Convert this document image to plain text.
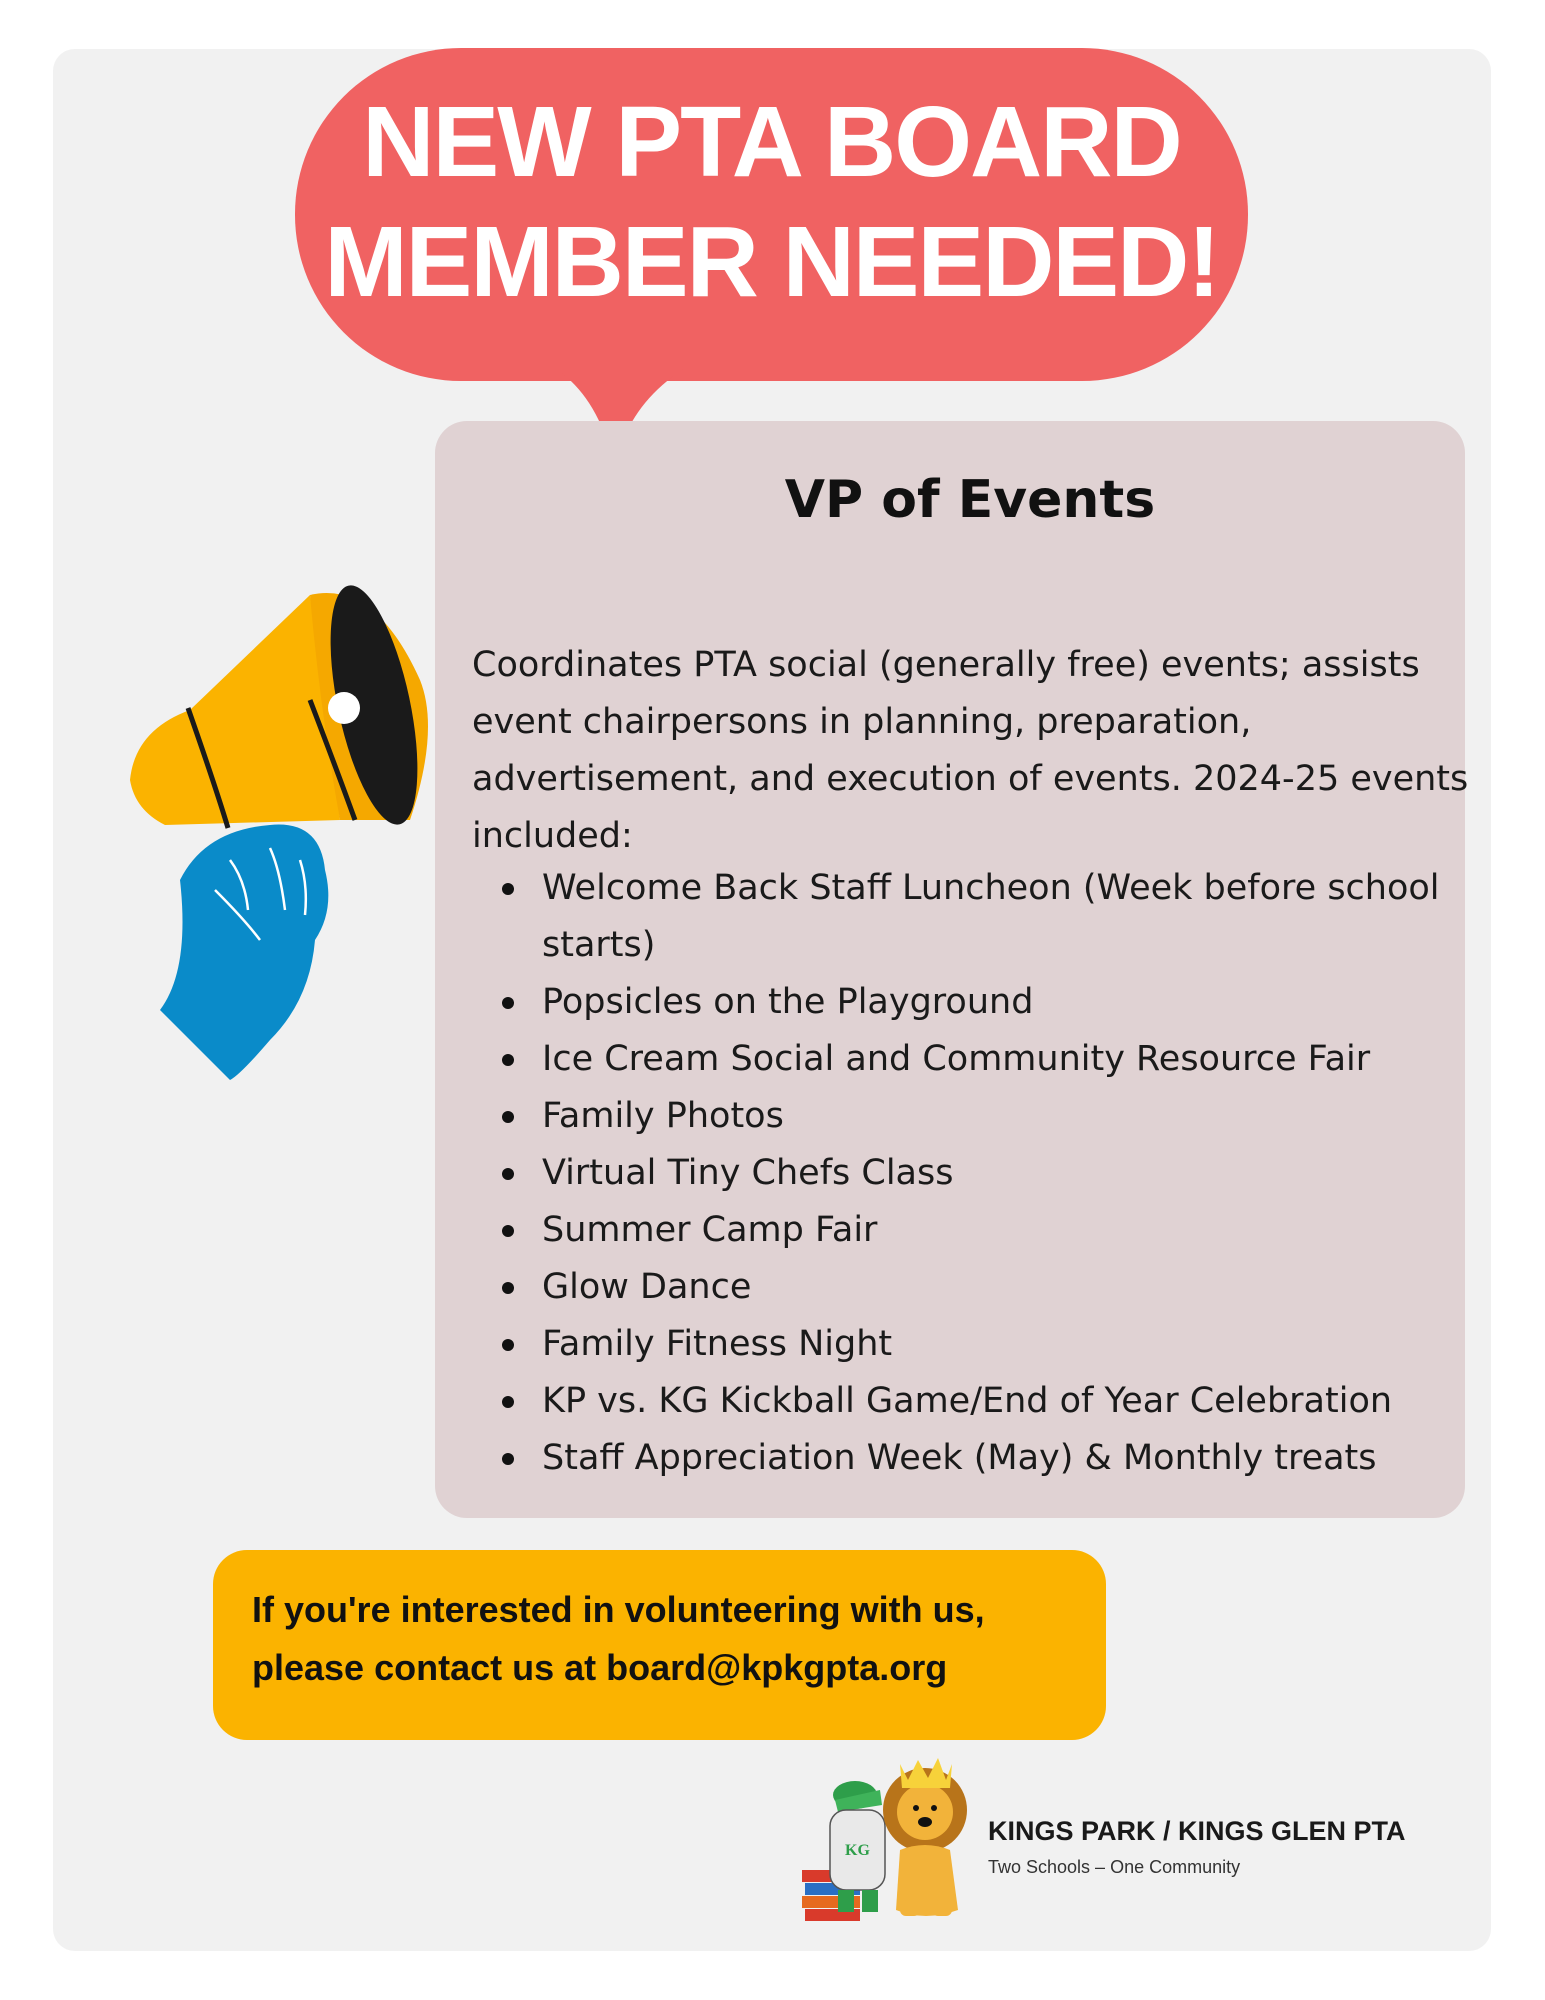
NEW PTA BOARD
MEMBER NEEDED!
VP of Events
Coordinates PTA social (generally free) events; assists event chairpersons in planning, preparation, advertisement, and execution of events. 2024-25 events included:
Welcome Back Staff Luncheon (Week before school starts)
Popsicles on the Playground
Ice Cream Social and Community Resource Fair
Family Photos
Virtual Tiny Chefs Class
Summer Camp Fair
Glow Dance
Family Fitness Night
KP vs. KG Kickball Game/End of Year Celebration
Staff Appreciation Week (May) & Monthly treats
If you're interested in volunteering with us,
please contact us at board@kpkgpta.org
KG
KINGS PARK / KINGS GLEN PTA
Two Schools – One Community
